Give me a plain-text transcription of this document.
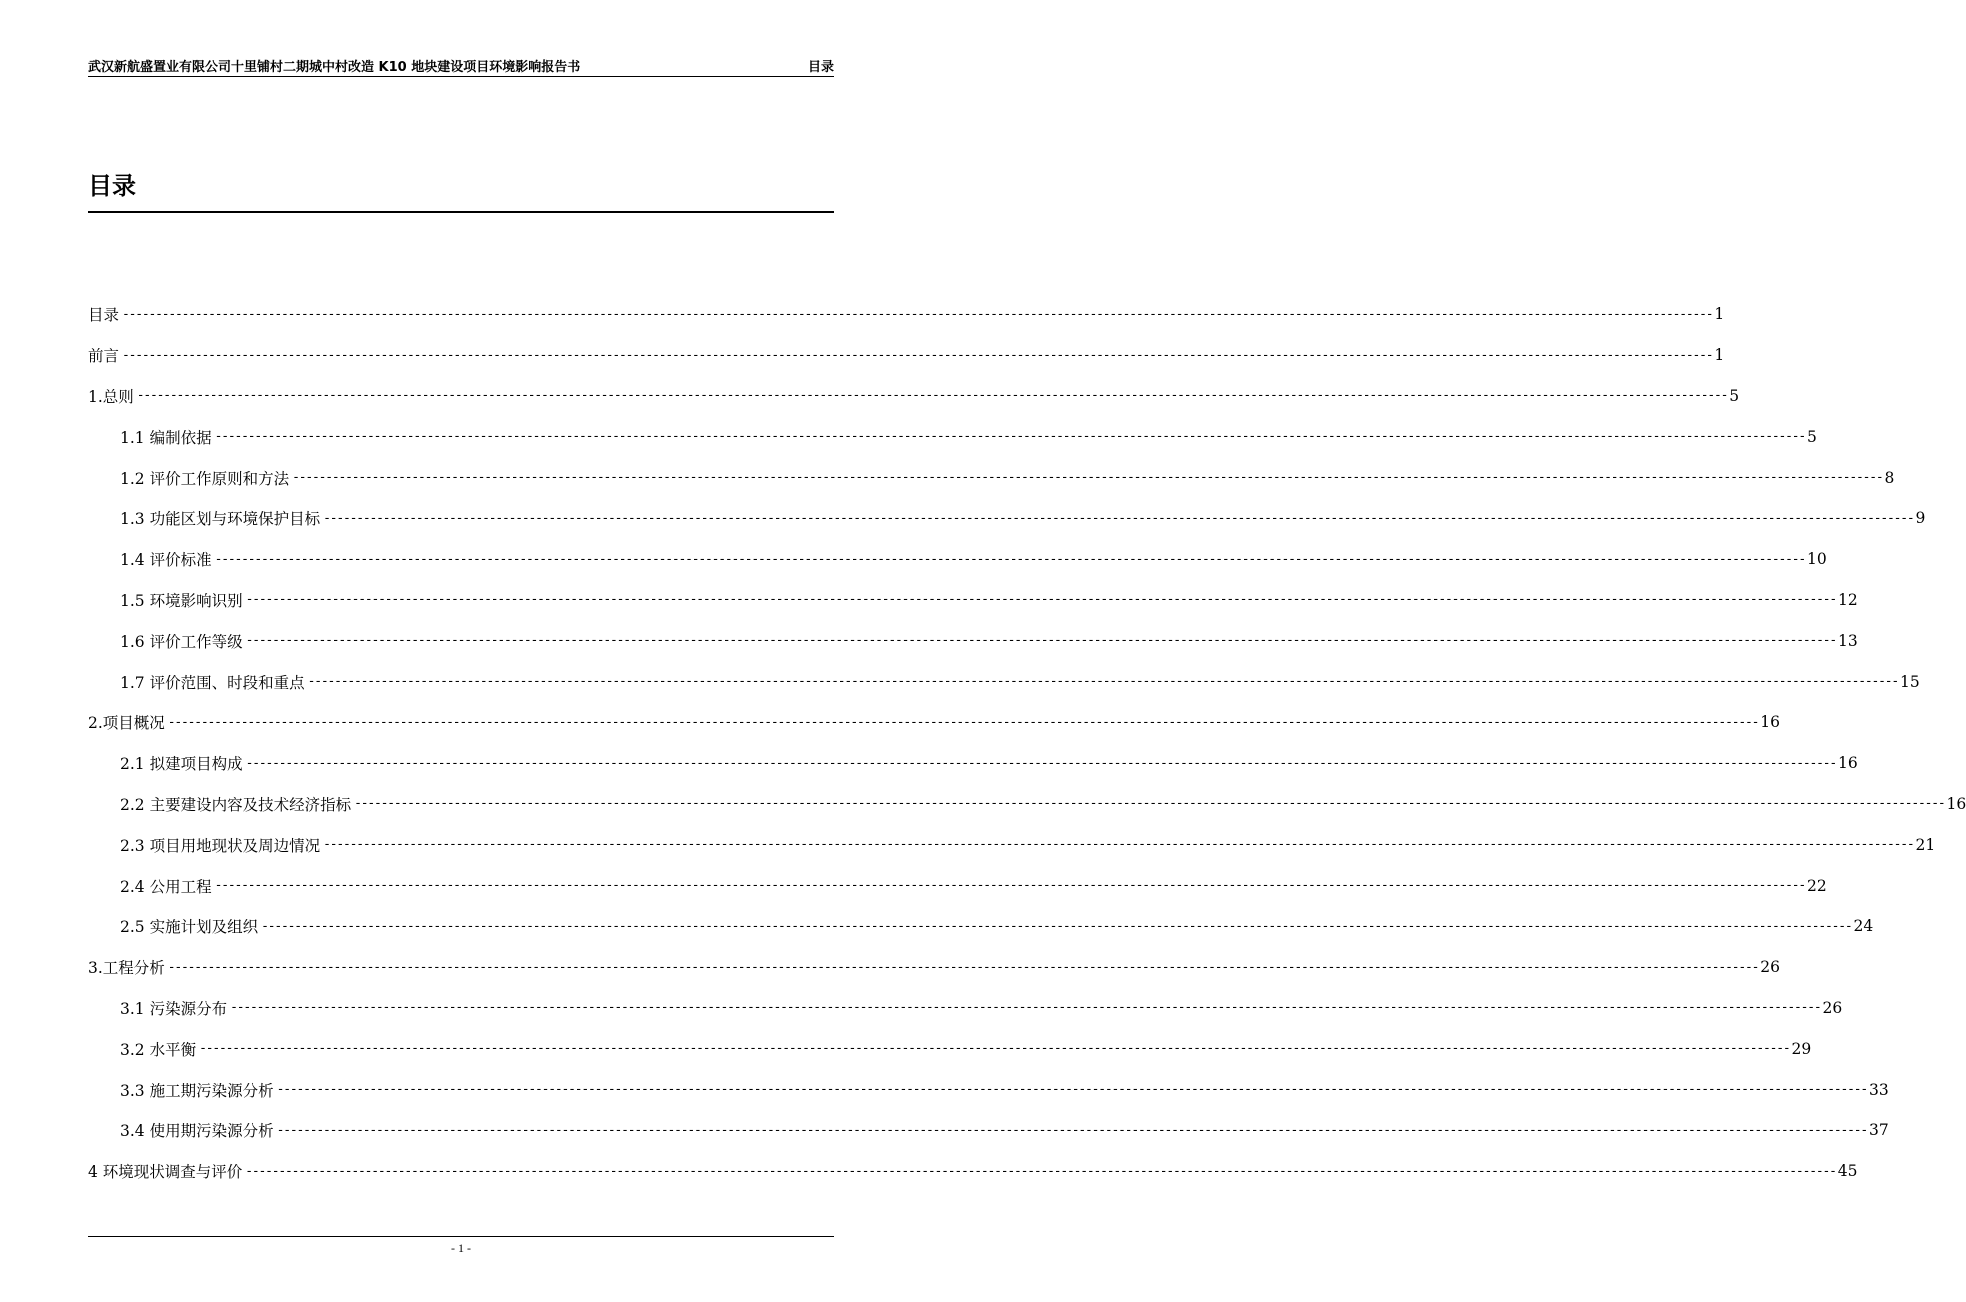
武汉新航盛置业有限公司十里铺村二期城中村改造 K10 地块建设项目环境影响报告书	目录
目录
目录 ------------------------------------------------------------------------------------------------------------------------------------------------------------------------------------------------------------------------------------------------ 1
前言 ------------------------------------------------------------------------------------------------------------------------------------------------------------------------------------------------------------------------------------------------ 1
1.总则 ------------------------------------------------------------------------------------------------------------------------------------------------------------------------------------------------------------------------------------------------ 5
1.1 编制依据 ------------------------------------------------------------------------------------------------------------------------------------------------------------------------------------------------------------------------------------------------ 5
1.2 评价工作原则和方法 ------------------------------------------------------------------------------------------------------------------------------------------------------------------------------------------------------------------------------------------------ 8
1.3 功能区划与环境保护目标 ------------------------------------------------------------------------------------------------------------------------------------------------------------------------------------------------------------------------------------------------ 9
1.4 评价标准 ------------------------------------------------------------------------------------------------------------------------------------------------------------------------------------------------------------------------------------------------ 10
1.5 环境影响识别 ------------------------------------------------------------------------------------------------------------------------------------------------------------------------------------------------------------------------------------------------ 12
1.6 评价工作等级 ------------------------------------------------------------------------------------------------------------------------------------------------------------------------------------------------------------------------------------------------ 13
1.7 评价范围、时段和重点 ------------------------------------------------------------------------------------------------------------------------------------------------------------------------------------------------------------------------------------------------ 15
2.项目概况 ------------------------------------------------------------------------------------------------------------------------------------------------------------------------------------------------------------------------------------------------ 16
2.1 拟建项目构成 ------------------------------------------------------------------------------------------------------------------------------------------------------------------------------------------------------------------------------------------------ 16
2.2 主要建设内容及技术经济指标 ------------------------------------------------------------------------------------------------------------------------------------------------------------------------------------------------------------------------------------------------ 16
2.3 项目用地现状及周边情况 ------------------------------------------------------------------------------------------------------------------------------------------------------------------------------------------------------------------------------------------------ 21
2.4 公用工程 ------------------------------------------------------------------------------------------------------------------------------------------------------------------------------------------------------------------------------------------------ 22
2.5 实施计划及组织 ------------------------------------------------------------------------------------------------------------------------------------------------------------------------------------------------------------------------------------------------ 24
3.工程分析 ------------------------------------------------------------------------------------------------------------------------------------------------------------------------------------------------------------------------------------------------ 26
3.1 污染源分布 ------------------------------------------------------------------------------------------------------------------------------------------------------------------------------------------------------------------------------------------------ 26
3.2 水平衡 ------------------------------------------------------------------------------------------------------------------------------------------------------------------------------------------------------------------------------------------------ 29
3.3 施工期污染源分析 ------------------------------------------------------------------------------------------------------------------------------------------------------------------------------------------------------------------------------------------------ 33
3.4 使用期污染源分析 ------------------------------------------------------------------------------------------------------------------------------------------------------------------------------------------------------------------------------------------------ 37
4 环境现状调查与评价 ------------------------------------------------------------------------------------------------------------------------------------------------------------------------------------------------------------------------------------------------ 45
- 1 -
